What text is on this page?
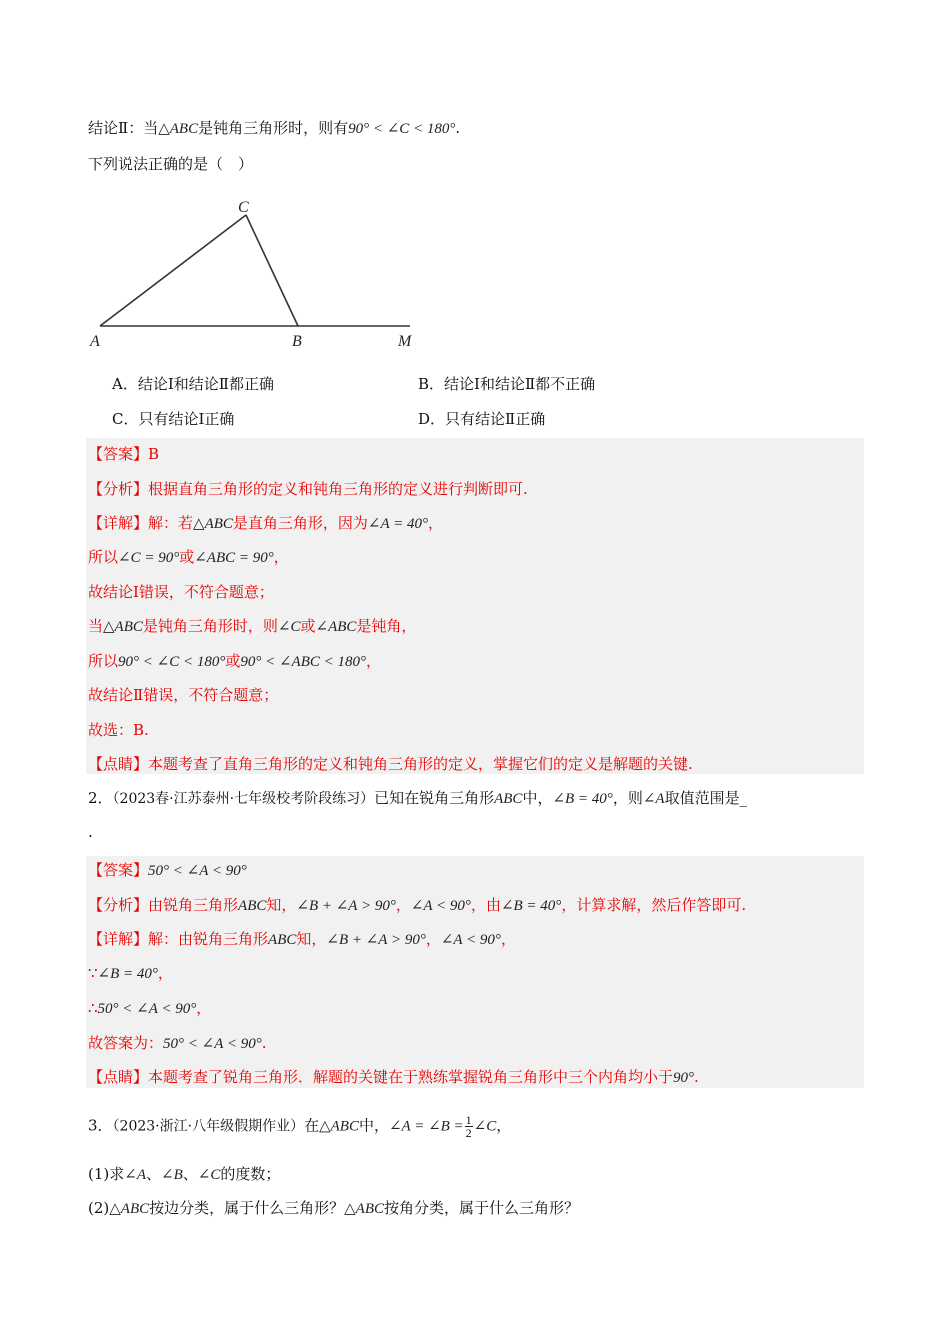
结论Ⅱ：当△ABC是钝角三角形时，则有90° < ∠C < 180°.
下列说法正确的是（　）
C
A	B	M
A．结论Ⅰ和结论Ⅱ都正确	B．结论Ⅰ和结论Ⅱ都不正确
C．只有结论Ⅰ正确	D．只有结论Ⅱ正确
【答案】B
【分析】根据直角三角形的定义和钝角三角形的定义进行判断即可.
【详解】解：若△ABC是直角三角形，因为∠A = 40°，
所以∠C = 90°或∠ABC = 90°，
故结论Ⅰ错误，不符合题意；
当△ABC是钝角三角形时，则∠C或∠ABC是钝角，
所以90° < ∠C < 180°或90° < ∠ABC < 180°，
故结论Ⅱ错误，不符合题意；
故选：B.
【点睛】本题考查了直角三角形的定义和钝角三角形的定义，掌握它们的定义是解题的关键.
2．（2023春·江苏泰州·七年级校考阶段练习）已知在锐角三角形ABC中，∠B = 40°，则∠A取值范围是_
.
【答案】50° < ∠A < 90°
【分析】由锐角三角形ABC知，∠B + ∠A > 90°，∠A < 90°，由∠B = 40°，计算求解，然后作答即可.
【详解】解：由锐角三角形ABC知，∠B + ∠A > 90°，∠A < 90°，
∵∠B = 40°，
∴50° < ∠A < 90°，
故答案为：50° < ∠A < 90°.
【点睛】本题考查了锐角三角形．解题的关键在于熟练掌握锐角三角形中三个内角均小于90°.
3．（2023·浙江·八年级假期作业）在△ABC中，∠A = ∠B = $\frac{1}{2}$ ∠C，
(1)求∠A、∠B、∠C的度数；
(2)△ABC按边分类，属于什么三角形？△ABC按角分类，属于什么三角形？
